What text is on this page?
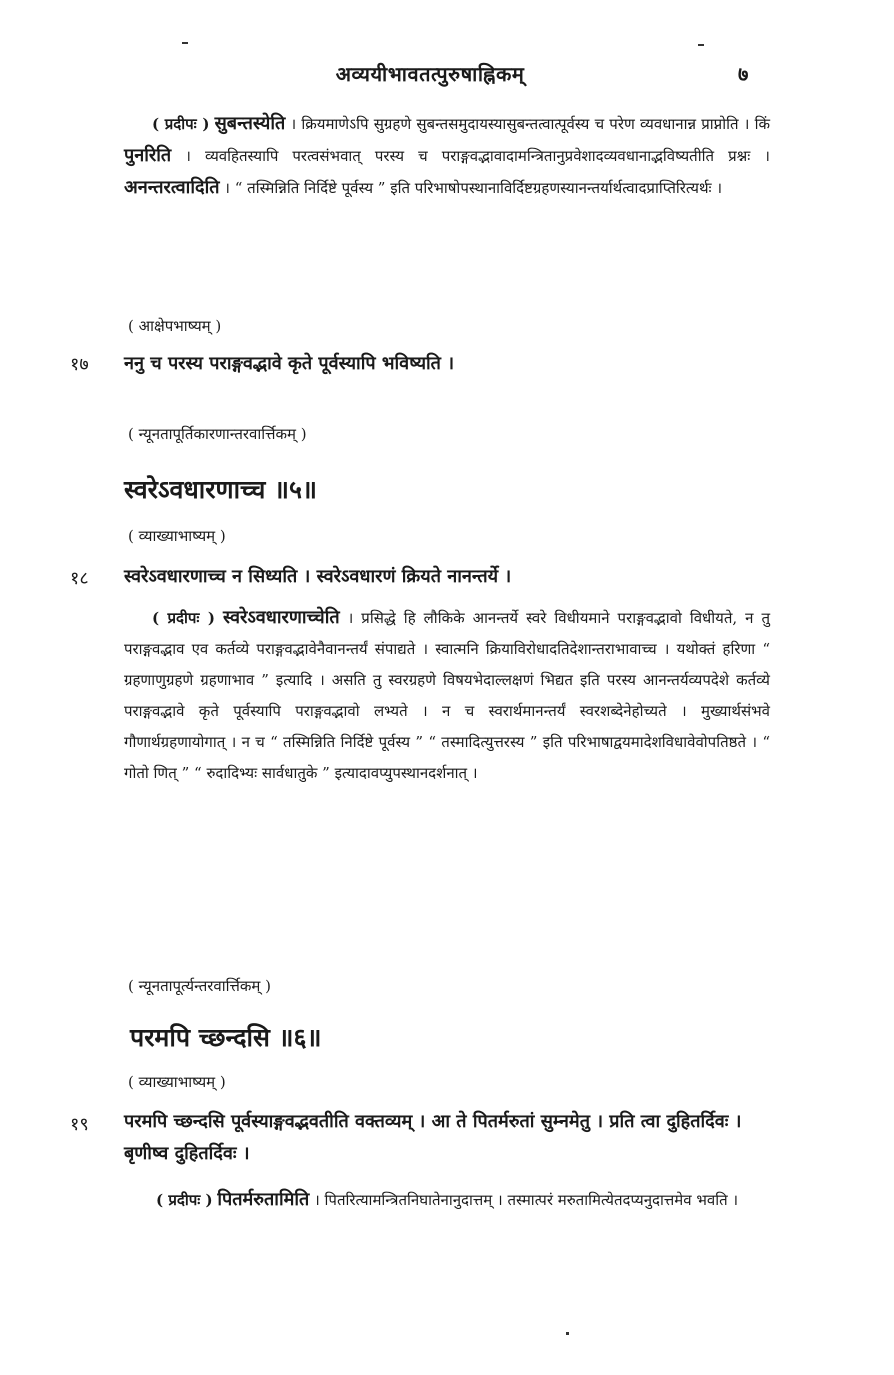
अव्ययीभावतत्पुरुषाह्निकम्	७

( प्रदीपः ) सुबन्तस्येति । क्रियमाणेऽपि सुग्रहणे सुबन्तसमुदायस्यासुबन्तत्वात्पूर्वस्य च परेण व्यवधानान्न प्राप्नोति । किं पुनरिति । व्यवहितस्यापि परत्वसंभवात् परस्य च पराङ्गवद्भावादामन्त्रितानुप्रवेशादव्यवधानाद्भविष्यतीति प्रश्नः । अनन्तरत्वादिति । “ तस्मिन्निति निर्दिष्टे पूर्वस्य ” इति परिभाषोपस्थानाविर्दिष्टग्रहणस्यानन्तर्यार्थत्वादप्राप्तिरित्यर्थः ।

( आक्षेपभाष्यम् )
१७ ननु च परस्य पराङ्गवद्भावे कृते पूर्वस्यापि भविष्यति ।
( न्यूनतापूर्तिकारणान्तरवार्त्तिकम् )
स्वरेऽवधारणाच्च ॥५॥
( व्याख्याभाष्यम् )
१८ स्वरेऽवधारणाच्च न सिध्यति । स्वरेऽवधारणं क्रियते नानन्तर्ये ।

( प्रदीपः ) स्वरेऽवधारणाच्चेति । प्रसिद्धे हि लौकिके आनन्तर्ये स्वरे विधीयमाने पराङ्गवद्भावो विधीयते, न तु पराङ्गवद्भाव एव कर्तव्ये पराङ्गवद्भावेनैवानन्तर्यं संपाद्यते । स्वात्मनि क्रियाविरोधादतिदेशान्तराभावाच्च । यथोक्तं हरिणा “ ग्रहणाणुग्रहणे ग्रहणाभाव ” इत्यादि । असति तु स्वरग्रहणे विषयभेदाल्लक्षणं भिद्यत इति परस्य आनन्तर्यव्यपदेशे कर्तव्ये पराङ्गवद्भावे कृते पूर्वस्यापि पराङ्गवद्भावो लभ्यते । न च स्वरार्थमानन्तर्यं स्वरशब्देनेहोच्यते । मुख्यार्थसंभवे गौणार्थग्रहणायोगात् । न च “ तस्मिन्निति निर्दिष्टे पूर्वस्य ” “ तस्मादित्युत्तरस्य ” इति परिभाषाद्वयमादेशविधावेवोपतिष्ठते । “ गोतो णित् ” “ रुदादिभ्यः सार्वधातुके ” इत्यादावप्युपस्थानदर्शनात् ।

( न्यूनतापूर्त्यन्तरवार्त्तिकम् )
परमपि च्छन्दसि ॥६॥
( व्याख्याभाष्यम् )
१९ परमपि च्छन्दसि पूर्वस्याङ्गवद्भवतीति वक्तव्यम् । आ ते पितर्मरुतां सुम्नमेतु । प्रति त्वा दुहितर्दिवः । बृणीष्व दुहितर्दिवः ।

( प्रदीपः ) पितर्मरुतामिति । पितरित्यामन्त्रितनिघातेनानुदात्तम् । तस्मात्परं मरुतामित्येतदप्यनुदात्तमेव भवति ।
